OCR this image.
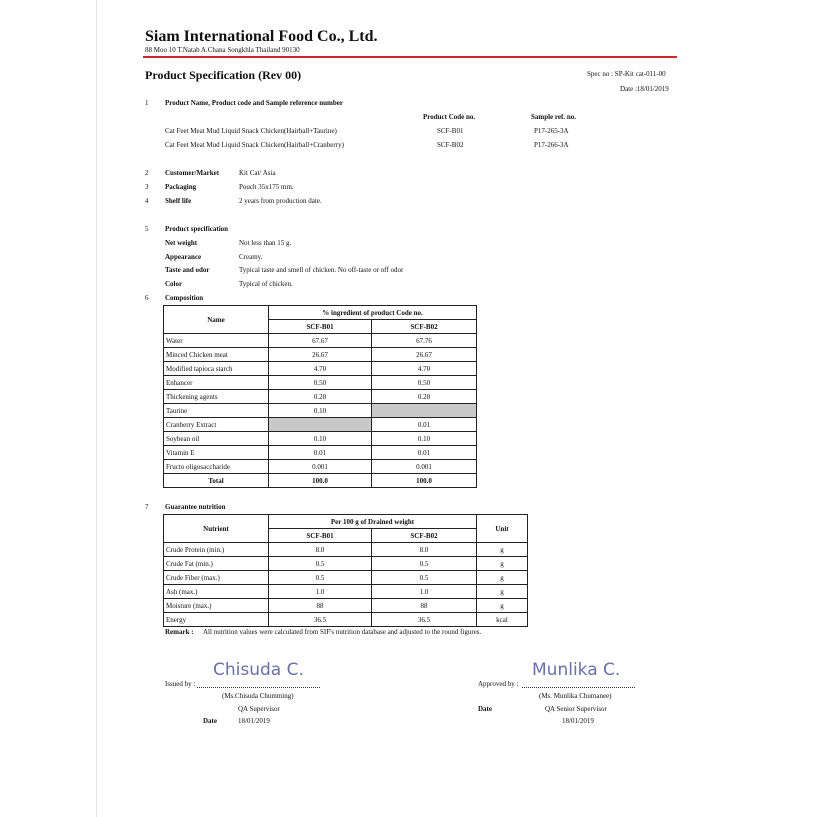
Siam International Food Co., Ltd.
88 Moo 10 T.Natab A.Chana Songkhla Thailand 90130
Product Specification (Rev 00)	Spec no : SP-Kit cat-011-00
Date :18/01/2019
1 Product Name, Product code and Sample reference number
Product Code no.	Sample ref. no.
Cat Feet Meat Mud Liquid Snack Chicken(Hairball+Taurine)	SCF-B01	P17-265-3A
Cat Feet Meat Mud Liquid Snack Chicken(Hairball+Cranberry)	SCF-B02	P17-266-3A
2 Customer/Market	Kit Cat/ Asia
3 Packaging	Pouch 35x175 mm.
4 Shelf life	2 years from production date.
5 Product specification
Net weight	Not less than 15 g.
Appearance	Creamy.
Taste and odor	Typical taste and smell of chicken. No off-taste or off odor
Color	Typical of chicken.
6 Composition
Name	% ingredient of product Code no.	
	SCF-B01	SCF-B02
Water	67.67	67.76
Minced Chicken meat	26.67	26.67
Modified tapioca starch	4.70	4.70
Enhancer	0.50	0.50
Thickening agents	0.28	0.28
Taurine	0.10	
Cranberry Extract		0.01
Soybean oil	0.10	0.10
Vitamin E	0.01	0.01
Fructo oligosaccharide	0.001	0.001
Total	100.0	100.0
7 Guarantee nutrition
Nutrient	Per 100 g of Drained weight		Unit
	SCF-B01	SCF-B02	
Crude Protein (min.)	8.0	8.0	g
Crude Fat (min.)	0.5	0.5	g
Crude Fiber (max.)	0.5	0.5	g
Ash (max.)	1.0	1.0	g
Moisture (max.)	88	88	g
Energy	36.5	36.5	kcal
Remark : All nutrition values were calculated from SIF's nutrition database and adjusted to the round figures.
Chisuda C.
Issued by :
(Ms.Chisuda Chumming)
QA Supervisor
Date	18/01/2019
Munlika C.
Approved by :
(Ms. Munlika Chumanee)
QA Senior Supervisor
Date
18/01/2019
